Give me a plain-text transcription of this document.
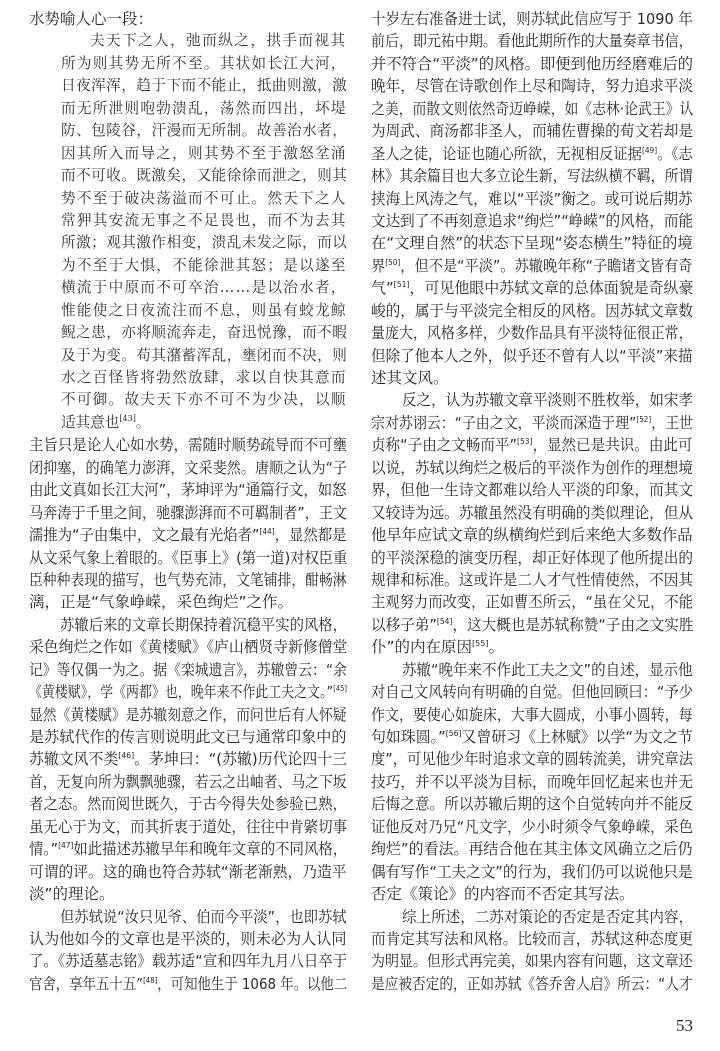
水势喻人心一段：
夫天下之人，弛而纵之，拱手而视其
所为则其势无所不至。其状如长江大河，
日夜浑浑，趋于下而不能止，抵曲则激，激
而无所泄则咆勃溃乱，荡然而四出，坏堤
防、包陵谷，汗漫而无所制。故善治水者，
因其所入而导之，则其势不至于激怒坌涌
而不可收。既激矣，又能徐徐而泄之，则其
势不至于破决荡溢而不可止。然天下之人
常狎其安流无事之不足畏也，而不为去其
所激；观其激作相变，溃乱未发之际，而以
为不至于大惧，不能徐泄其怒；是以遂至
横流于中原而不可卒治……是以治水者，
惟能使之日夜流注而不息，则虽有蛟龙鲸
鲵之患，亦将顺流奔走，奋迅悦豫，而不暇
及于为变。苟其潴蓄浑乱，壅闭而不决，则
水之百怪皆将勃然放肆，求以自快其意而
不可御。故夫天下亦不可不为少决，以顺
适其意也[43]。
主旨只是论人心如水势，需随时顺势疏导而不可壅
闭抑塞，的确笔力澎湃，文采斐然。唐顺之认为“子
由此文真如长江大河”，茅坤评为“通篇行文，如怒
马奔涛于千里之间，驰骤澎湃而不可羁制者”，王文
濡推为“子由集中，文之最有光焰者”[44]，显然都是
从文采气象上着眼的。《臣事上》(第一道)对权臣重
臣种种表现的描写，也气势充沛，文笔铺排，酣畅淋
漓，正是“气象峥嵘，采色绚烂”之作。
苏辙后来的文章长期保持着沉稳平实的风格，
采色绚烂之作如《黄楼赋》《庐山栖贤寺新修僧堂
记》等仅偶一为之。据《栾城遗言》，苏辙曾云：“余
《黄楼赋》，学《两都》也，晚年来不作此工夫之文。”[45]
显然《黄楼赋》是苏辙刻意之作，而问世后有人怀疑
是苏轼代作的传言则说明此文已与通常印象中的
苏辙文风不类[46]。茅坤曰：“(苏辙)历代论四十三
首，无复向所为飘飘驰骤，若云之出岫者、马之下坂
者之态。然而阅世既久，于古今得失处参验已熟，
虽无心于为文，而其折衷于道处，往往中肯綮切事
情。”[47]如此描述苏辙早年和晚年文章的不同风格，
可谓的评。这的确也符合苏轼“渐老渐熟，乃造平
淡”的理论。
但苏轼说“汝只见爷、伯而今平淡”，也即苏轼
认为他如今的文章也是平淡的，则未必为人认同
了。《苏适墓志铭》载苏适“宣和四年九月八日卒于
官舍，享年五十五”[48]，可知他生于 1068 年。以他二
十岁左右准备进士试，则苏轼此信应写于 1090 年
前后，即元祐中期。看他此期所作的大量奏章书信，
并不符合“平淡”的风格。即便到他历经磨难后的
晚年，尽管在诗歌创作上尽和陶诗，努力追求平淡
之美，而散文则依然奇迈峥嵘，如《志林·论武王》认
为周武、商汤都非圣人，而辅佐曹操的荀文若却是
圣人之徒，论证也随心所欲，无视相反证据[49]。《志
林》其余篇目也大多立论生新，写法纵横不羁，所谓
挟海上风涛之气，难以“平淡”衡之。或可说后期苏
文达到了不再刻意追求“绚烂”“峥嵘”的风格，而能
在“文理自然”的状态下呈现“姿态横生”特征的境
界[50]，但不是“平淡”。苏辙晚年称“子瞻诸文皆有奇
气”[51]，可见他眼中苏轼文章的总体面貌是奇纵豪
峻的，属于与平淡完全相反的风格。因苏轼文章数
量庞大，风格多样，少数作品具有平淡特征很正常，
但除了他本人之外，似乎还不曾有人以“平淡”来描
述其文风。
反之，认为苏辙文章平淡则不胜枚举，如宋孝
宗对苏诩云：“子由之文，平淡而深造于理”[52]，王世
贞称“子由之文畅而平”[53]，显然已是共识。由此可
以说，苏轼以绚烂之极后的平淡作为创作的理想境
界，但他一生诗文都难以给人平淡的印象，而其文
又较诗为远。苏辙虽然没有明确的类似理论，但从
他早年应试文章的纵横绚烂到后来绝大多数作品
的平淡深稳的演变历程，却正好体现了他所提出的
规律和标准。这或许是二人才气性情使然，不因其
主观努力而改变，正如曹丕所云，“虽在父兄，不能
以移子弟”[54]，这大概也是苏轼称赞“子由之文实胜
仆”的内在原因[55]。
苏辙“晚年来不作此工夫之文”的自述，显示他
对自己文风转向有明确的自觉。但他回顾曰：“予少
作文，要使心如旋床，大事大圆成，小事小圆转，每
句如珠圆。”[56]又曾研习《上林赋》以学“为文之节
度”，可见他少年时追求文章的圆转流美，讲究章法
技巧，并不以平淡为目标，而晚年回忆起来也并无
后悔之意。所以苏辙后期的这个自觉转向并不能反
证他反对乃兄“凡文字，少小时须令气象峥嵘，采色
绚烂”的看法。再结合他在其主体文风确立之后仍
偶有写作“工夫之文”的行为，我们仍可以说他只是
否定《策论》的内容而不否定其写法。
综上所述，二苏对策论的否定是否定其内容，
而肯定其写法和风格。比较而言，苏轼这种态度更
为明显。但形式再完美，如果内容有问题，这文章还
是应被否定的，正如苏轼《答乔舍人启》所云：“人才
53
